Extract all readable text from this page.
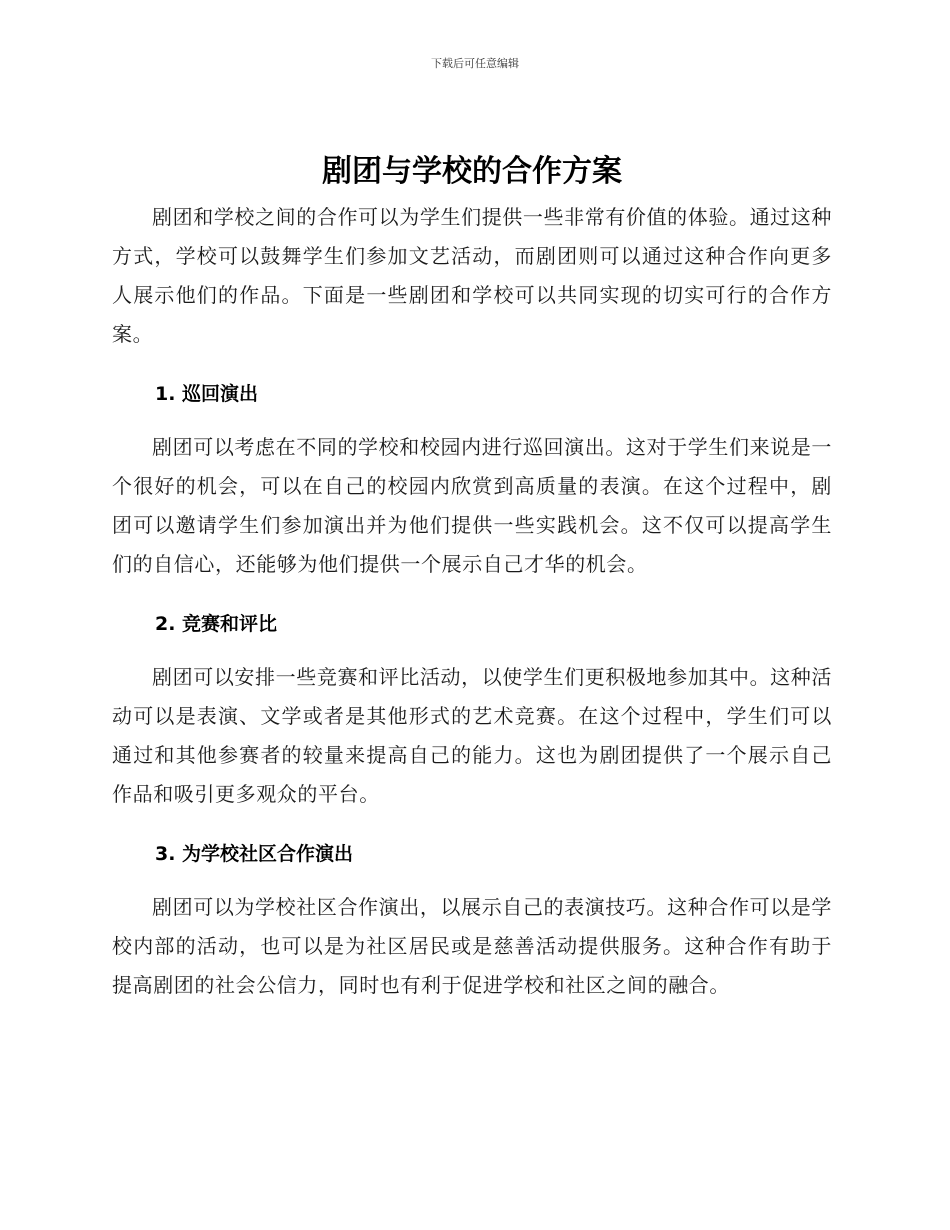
下载后可任意编辑
剧团与学校的合作方案

剧团和学校之间的合作可以为学生们提供一些非常有价值的体验。通过这种方式，学校可以鼓舞学生们参加文艺活动，而剧团则可以通过这种合作向更多人展示他们的作品。下面是一些剧团和学校可以共同实现的切实可行的合作方案。

1. 巡回演出

剧团可以考虑在不同的学校和校园内进行巡回演出。这对于学生们来说是一个很好的机会，可以在自己的校园内欣赏到高质量的表演。在这个过程中，剧团可以邀请学生们参加演出并为他们提供一些实践机会。这不仅可以提高学生们的自信心，还能够为他们提供一个展示自己才华的机会。

2. 竞赛和评比

剧团可以安排一些竞赛和评比活动，以使学生们更积极地参加其中。这种活动可以是表演、文学或者是其他形式的艺术竞赛。在这个过程中，学生们可以通过和其他参赛者的较量来提高自己的能力。这也为剧团提供了一个展示自己作品和吸引更多观众的平台。

3. 为学校社区合作演出

剧团可以为学校社区合作演出，以展示自己的表演技巧。这种合作可以是学校内部的活动，也可以是为社区居民或是慈善活动提供服务。这种合作有助于提高剧团的社会公信力，同时也有利于促进学校和社区之间的融合。
